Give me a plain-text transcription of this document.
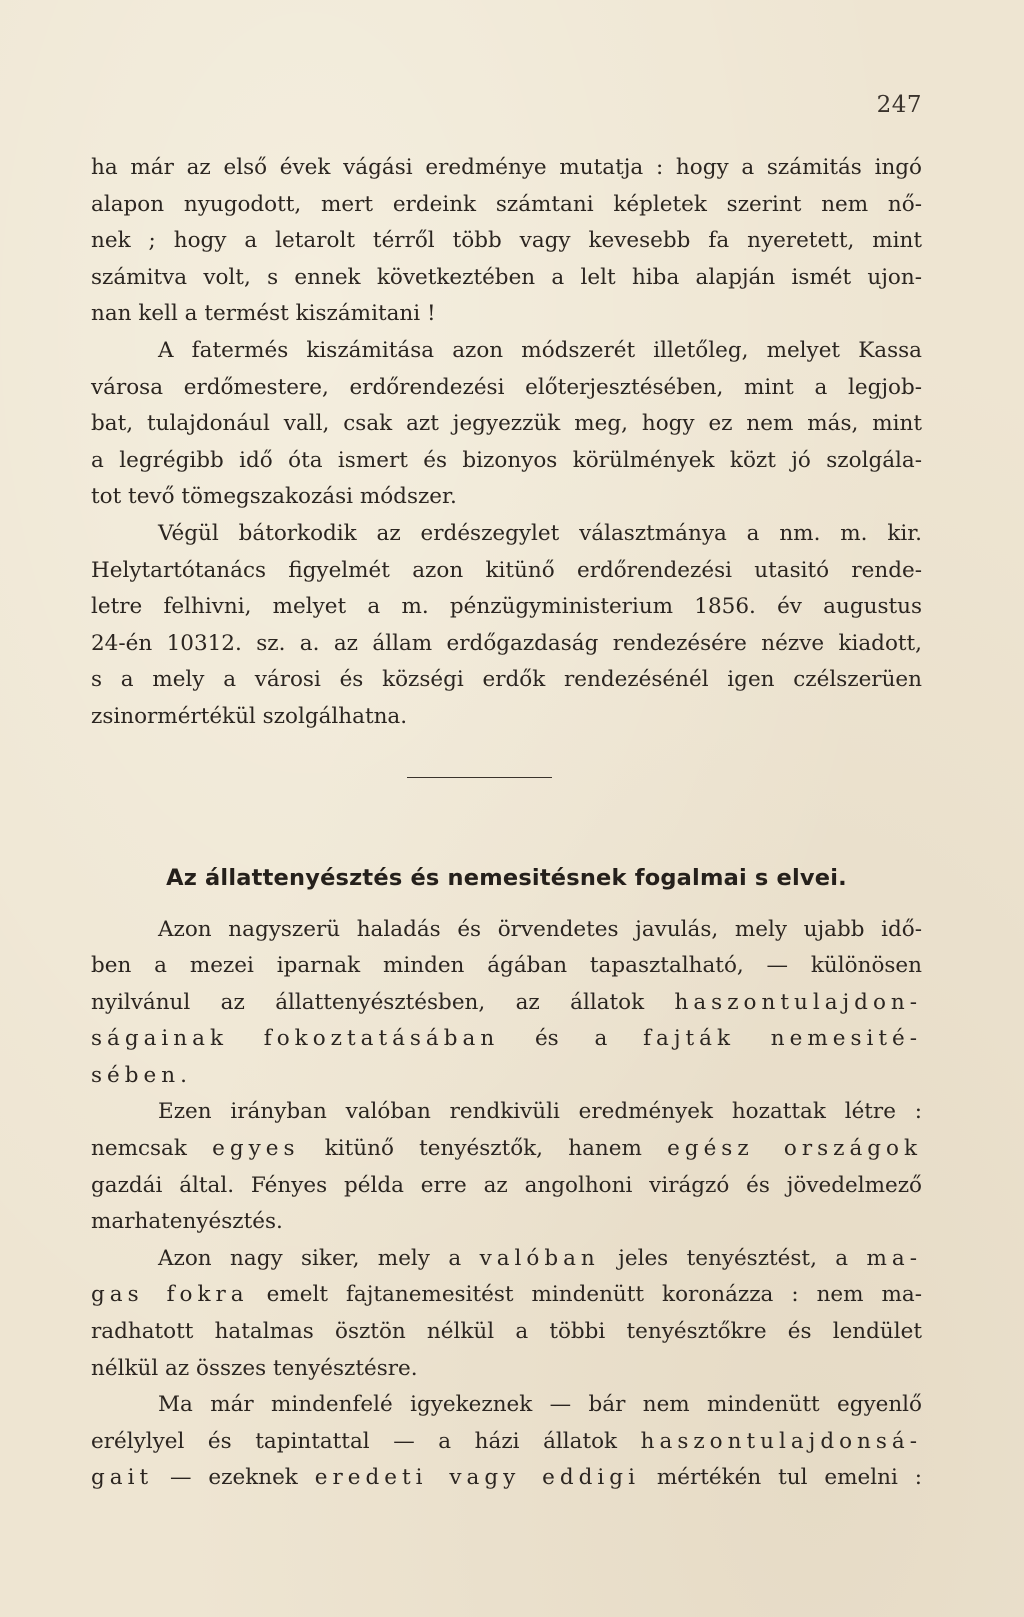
247
ha már az első évek vágási eredménye mutatja : hogy a számitás ingó
alapon nyugodott, mert erdeink számtani képletek szerint nem nő-
nek ; hogy a letarolt térről több vagy kevesebb fa nyeretett, mint
számitva volt, s ennek következtében a lelt hiba alapján ismét ujon-
nan kell a termést kiszámitani !
A fatermés kiszámitása azon módszerét illetőleg, melyet Kassa
városa erdőmestere, erdőrendezési előterjesztésében, mint a legjob-
bat, tulajdonául vall, csak azt jegyezzük meg, hogy ez nem más, mint
a legrégibb idő óta ismert és bizonyos körülmények közt jó szolgála-
tot tevő tömegszakozási módszer.
Végül bátorkodik az erdészegylet választmánya a nm. m. kir.
Helytartótanács figyelmét azon kitünő erdőrendezési utasitó rende-
letre felhivni, melyet a m. pénzügyministerium 1856. év augustus
24-én 10312. sz. a. az állam erdőgazdaság rendezésére nézve kiadott,
s a mely a városi és községi erdők rendezésénél igen czélszerüen
zsinormértékül szolgálhatna.
Az állattenyésztés és nemesitésnek fogalmai s elvei.
Azon nagyszerü haladás és örvendetes javulás, mely ujabb idő-
ben a mezei iparnak minden ágában tapasztalható, — különösen
nyilvánul az állattenyésztésben, az állatok haszontulajdon-
ságainak fokoztatásában és a fajták nemesité-
sében.
Ezen irányban valóban rendkivüli eredmények hozattak létre :
nemcsak egyes kitünő tenyésztők, hanem egész országok
gazdái által. Fényes példa erre az angolhoni virágzó és jövedelmező
marhatenyésztés.
Azon nagy siker, mely a valóban jeles tenyésztést, a ma-
gas fokra emelt fajtanemesitést mindenütt koronázza : nem ma-
radhatott hatalmas ösztön nélkül a többi tenyésztőkre és lendület
nélkül az összes tenyésztésre.
Ma már mindenfelé igyekeznek — bár nem mindenütt egyenlő
erélylyel és tapintattal — a házi állatok haszontulajdonsá-
gait — ezeknek eredeti vagy eddigi mértékén tul emelni :
